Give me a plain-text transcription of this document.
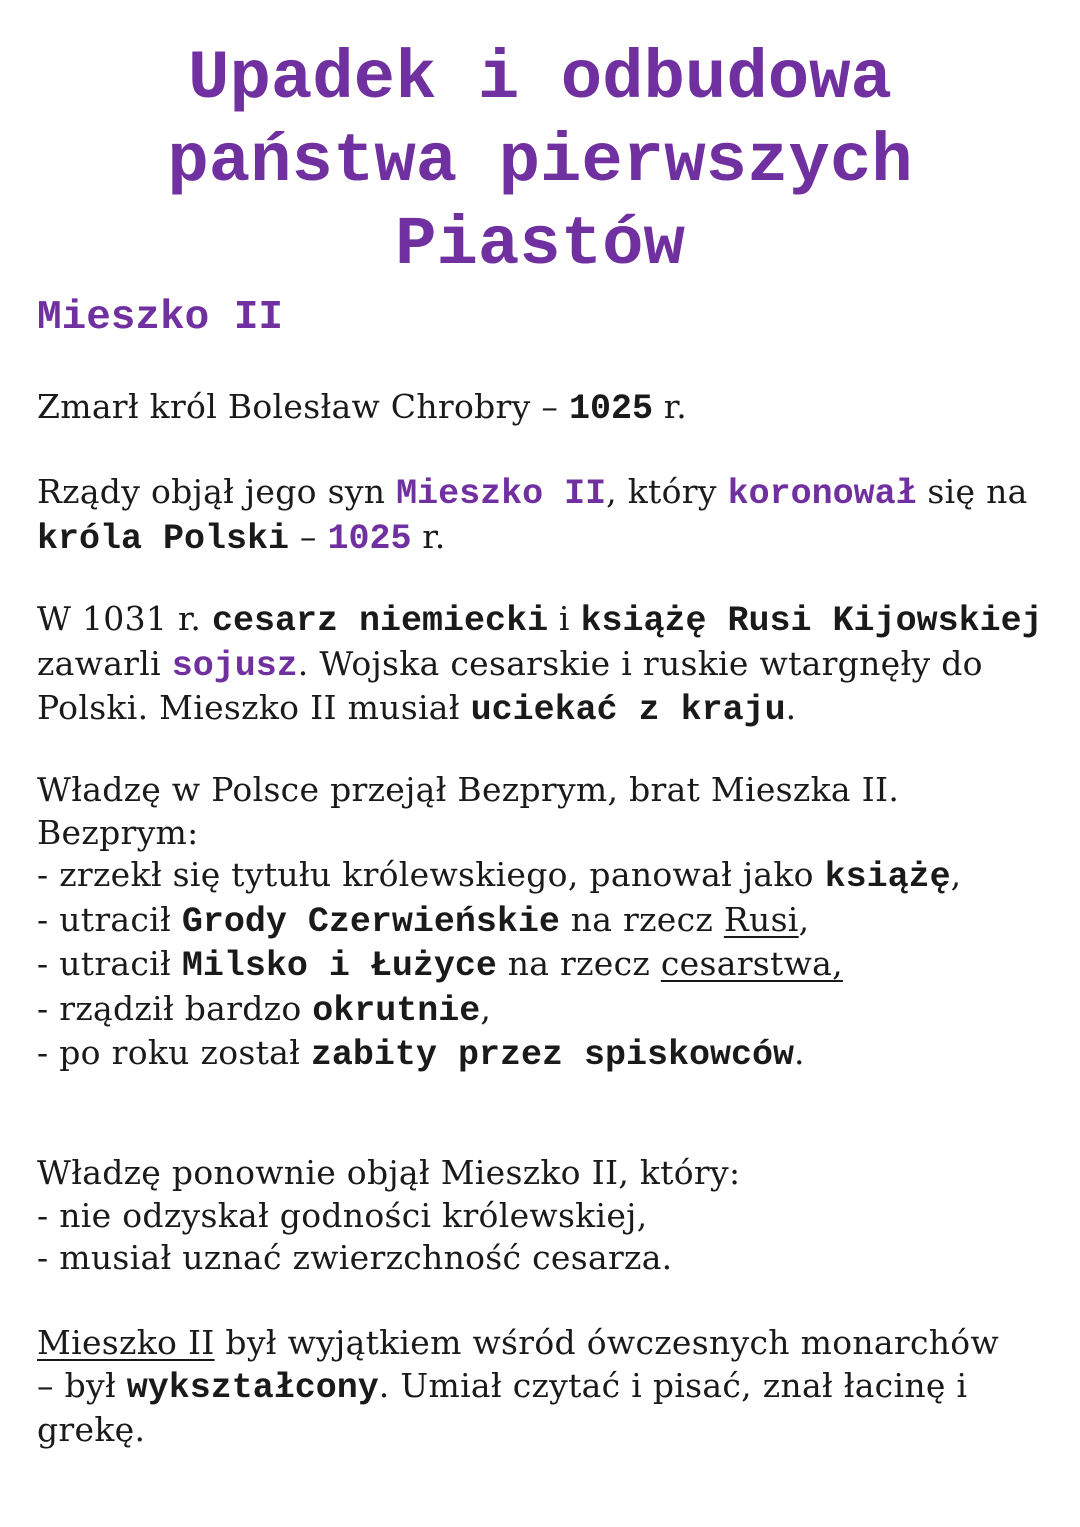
Upadek i odbudowa
państwa pierwszych
Piastów
Mieszko II

Zmarł król Bolesław Chrobry – 1025 r.

Rządy objął jego syn Mieszko II, który koronował się na
króla Polski – 1025 r.

W 1031 r. cesarz niemiecki i książę Rusi Kijowskiej
zawarli sojusz. Wojska cesarskie i ruskie wtargnęły do
Polski. Mieszko II musiał uciekać z kraju.

Władzę w Polsce przejął Bezprym, brat Mieszka II.
Bezprym:
- zrzekł się tytułu królewskiego, panował jako książę,
- utracił Grody Czerwieńskie na rzecz Rusi,
- utracił Milsko i Łużyce na rzecz cesarstwa,
- rządził bardzo okrutnie,
- po roku został zabity przez spiskowców.

Władzę ponownie objął Mieszko II, który:
- nie odzyskał godności królewskiej,
- musiał uznać zwierzchność cesarza.

Mieszko II był wyjątkiem wśród ówczesnych monarchów
– był wykształcony. Umiał czytać i pisać, znał łacinę i
grekę.
